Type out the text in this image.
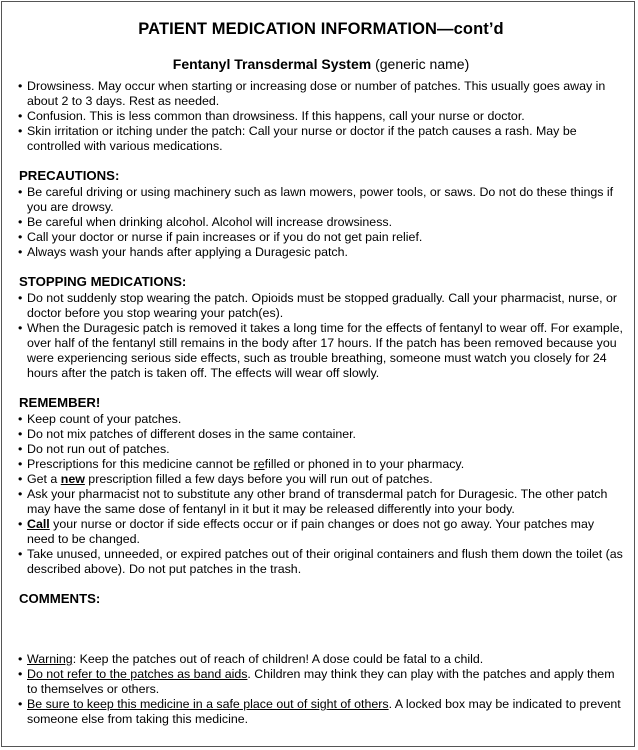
PATIENT MEDICATION INFORMATION—cont’d
Fentanyl Transdermal System (generic name)
• Drowsiness. May occur when starting or increasing dose or number of patches. This usually goes away in about 2 to 3 days. Rest as needed.
• Confusion. This is less common than drowsiness. If this happens, call your nurse or doctor.
• Skin irritation or itching under the patch: Call your nurse or doctor if the patch causes a rash. May be controlled with various medications.
PRECAUTIONS:
• Be careful driving or using machinery such as lawn mowers, power tools, or saws. Do not do these things if you are drowsy.
• Be careful when drinking alcohol. Alcohol will increase drowsiness.
• Call your doctor or nurse if pain increases or if you do not get pain relief.
• Always wash your hands after applying a Duragesic patch.
STOPPING MEDICATIONS:
• Do not suddenly stop wearing the patch. Opioids must be stopped gradually. Call your pharmacist, nurse, or doctor before you stop wearing your patch(es).
• When the Duragesic patch is removed it takes a long time for the effects of fentanyl to wear off. For example, over half of the fentanyl still remains in the body after 17 hours. If the patch has been removed because you were experiencing serious side effects, such as trouble breathing, someone must watch you closely for 24 hours after the patch is taken off. The effects will wear off slowly.
REMEMBER!
• Keep count of your patches.
• Do not mix patches of different doses in the same container.
• Do not run out of patches.
• Prescriptions for this medicine cannot be refilled or phoned in to your pharmacy.
• Get a new prescription filled a few days before you will run out of patches.
• Ask your pharmacist not to substitute any other brand of transdermal patch for Duragesic. The other patch may have the same dose of fentanyl in it but it may be released differently into your body.
• Call your nurse or doctor if side effects occur or if pain changes or does not go away. Your patches may need to be changed.
• Take unused, unneeded, or expired patches out of their original containers and flush them down the toilet (as described above). Do not put patches in the trash.
COMMENTS:
• Warning: Keep the patches out of reach of children! A dose could be fatal to a child.
• Do not refer to the patches as band aids. Children may think they can play with the patches and apply them to themselves or others.
• Be sure to keep this medicine in a safe place out of sight of others. A locked box may be indicated to prevent someone else from taking this medicine.
